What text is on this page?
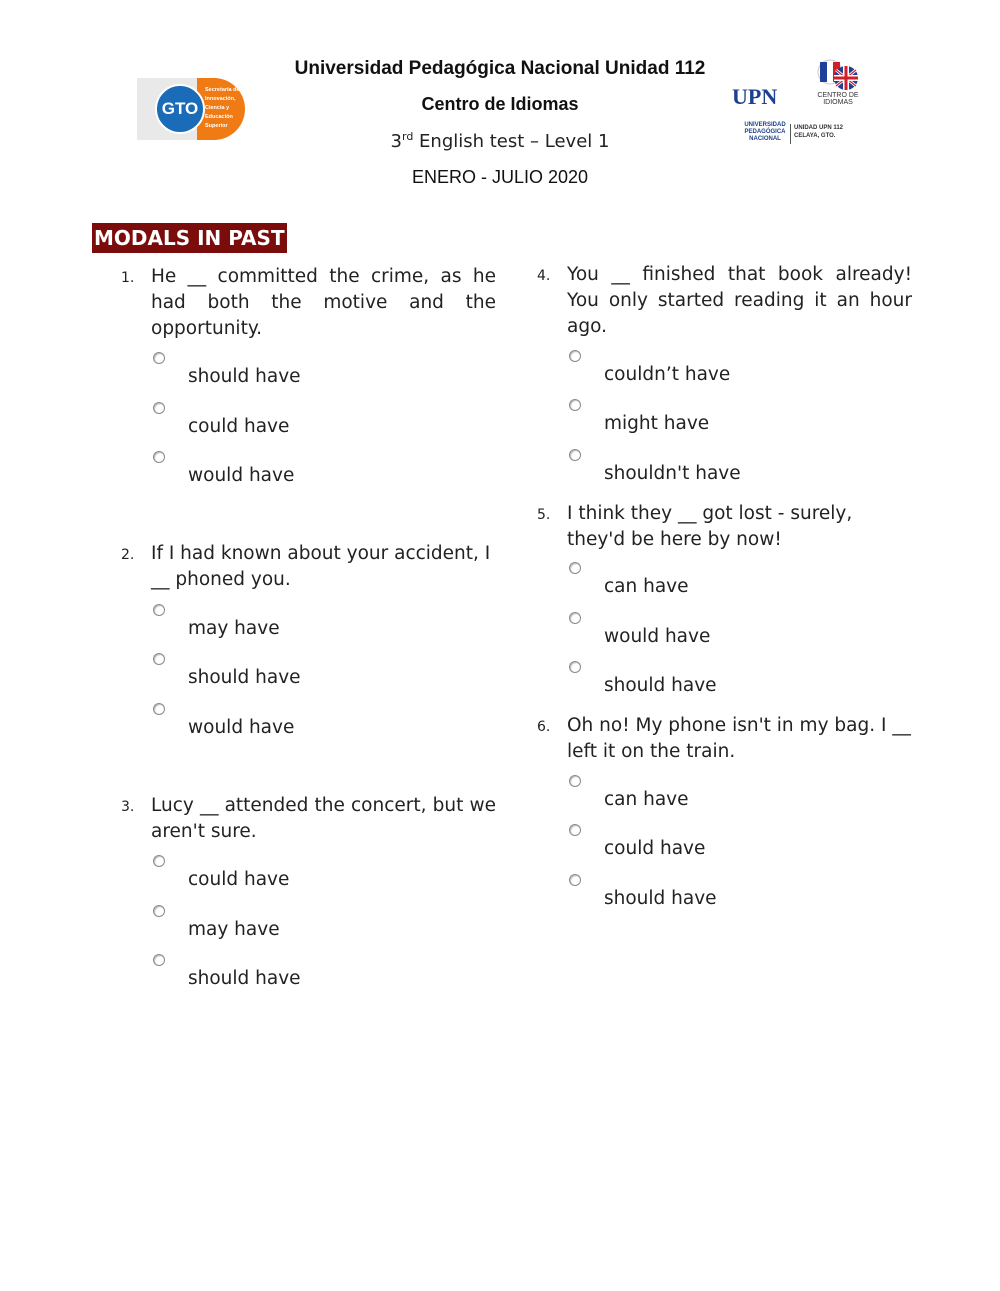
Universidad Pedagógica Nacional Unidad 112
Centro de Idiomas
3rd English test – Level 1
ENERO - JULIO 2020
GTO
Secretaría de Innovación, Ciencia y Educación Superior
UPN
UNIVERSIDAD PEDAGÓGICA NACIONAL
UNIDAD UPN 112
CELAYA, GTO.
CENTRO DE IDIOMAS
MODALS IN PAST
1. He __ committed the crime, as he had both the motive and the opportunity.
should have
could have
would have
2. If I had known about your accident, I __ phoned you.
may have
should have
would have
3. Lucy __ attended the concert, but we aren't sure.
could have
may have
should have
4. You __ finished that book already! You only started reading it an hour ago.
couldn’t have
might have
shouldn't have
5. I think they __ got lost - surely, they'd be here by now!
can have
would have
should have
6. Oh no! My phone isn't in my bag. I __ left it on the train.
can have
could have
should have
